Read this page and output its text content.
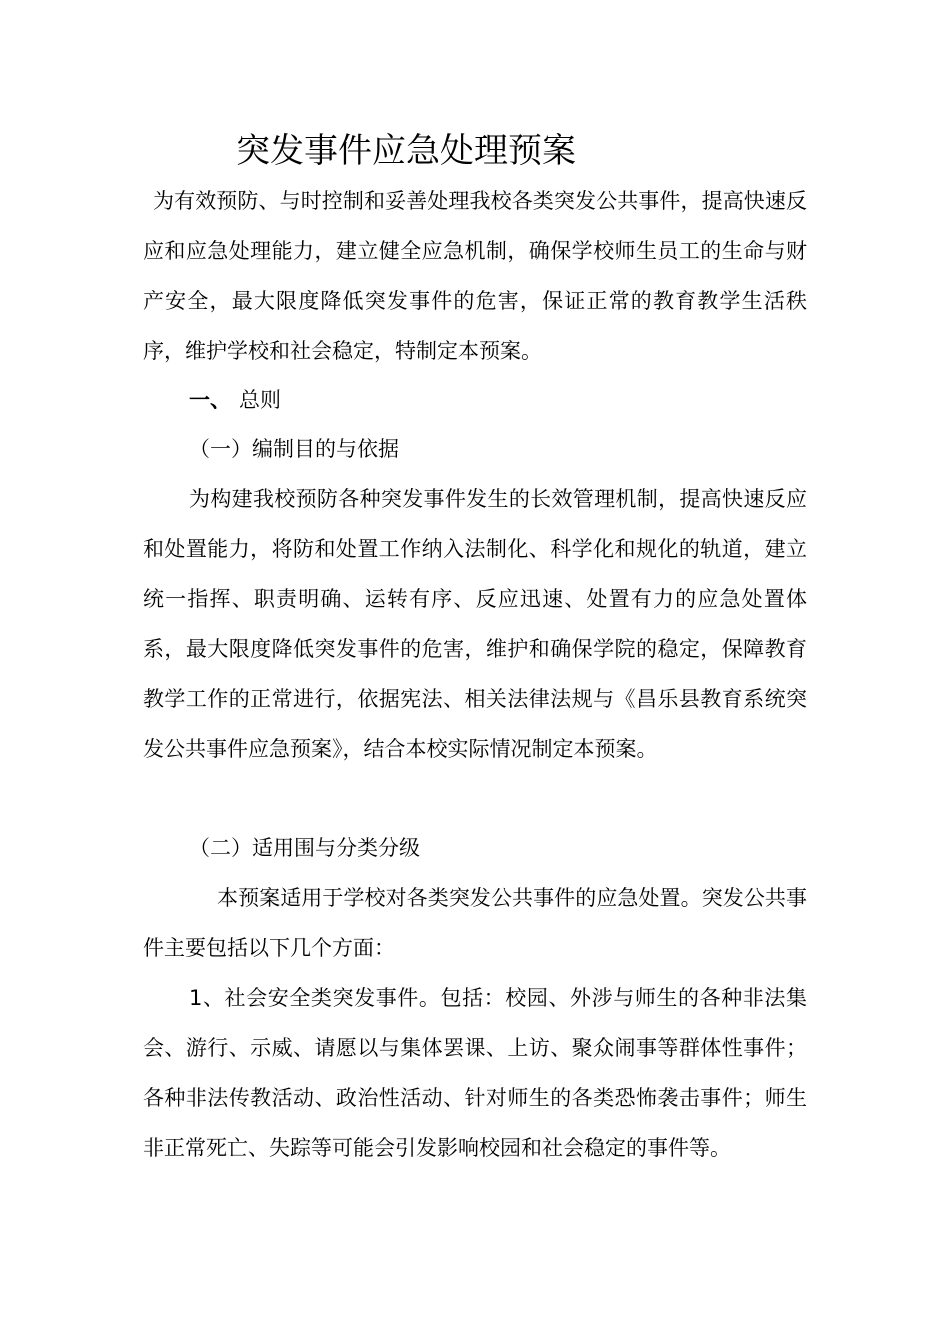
突发事件应急处理预案
为有效预防、与时控制和妥善处理我校各类突发公共事件，提高快速反应和应急处理能力，建立健全应急机制，确保学校师生员工的生命与财产安全，最大限度降低突发事件的危害，保证正常的教育教学生活秩序，维护学校和社会稳定，特制定本预案。
一、 总则
（一）编制目的与依据
为构建我校预防各种突发事件发生的长效管理机制，提高快速反应和处置能力，将防和处置工作纳入法制化、科学化和规化的轨道，建立统一指挥、职责明确、运转有序、反应迅速、处置有力的应急处置体系，最大限度降低突发事件的危害，维护和确保学院的稳定，保障教育教学工作的正常进行，依据宪法、相关法律法规与《昌乐县教育系统突发公共事件应急预案》，结合本校实际情况制定本预案。
（二）适用围与分类分级
本预案适用于学校对各类突发公共事件的应急处置。突发公共事件主要包括以下几个方面：
1、社会安全类突发事件。包括：校园、外涉与师生的各种非法集会、游行、示威、请愿以与集体罢课、上访、聚众闹事等群体性事件；各种非法传教活动、政治性活动、针对师生的各类恐怖袭击事件；师生非正常死亡、失踪等可能会引发影响校园和社会稳定的事件等。
